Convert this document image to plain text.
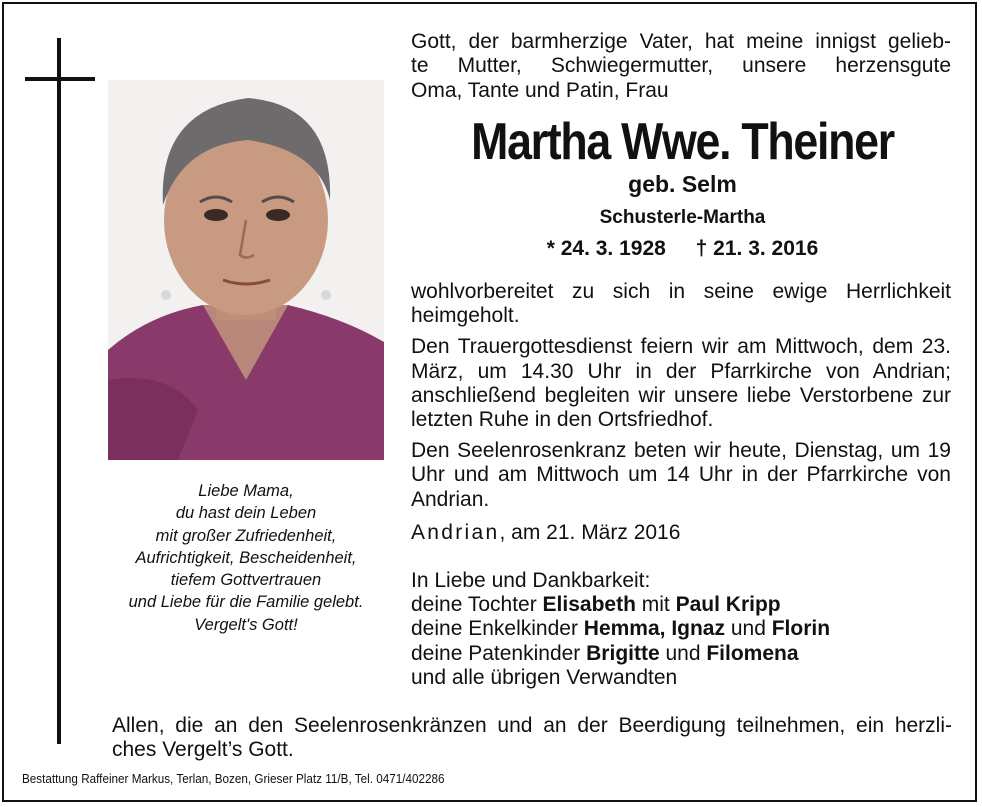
Liebe Mama,
du hast dein Leben
mit großer Zufriedenheit,
Aufrichtigkeit, Bescheidenheit,
tiefem Gottvertrauen
und Liebe für die Familie gelebt.
Vergelt's Gott!
Gott, der barmherzige Vater, hat meine innigst gelieb-
te Mutter, Schwiegermutter, unsere herzensgute
Oma, Tante und Patin, Frau
Martha Wwe. Theiner
geb. Selm
Schusterle-Martha
* 24. 3. 1928 † 21. 3. 2016

wohlvorbereitet zu sich in seine ewige Herrlichkeit heimgeholt.

Den Trauergottesdienst feiern wir am Mittwoch, dem 23. März, um 14.30 Uhr in der Pfarrkirche von Andrian; anschließend begleiten wir unsere liebe Verstorbene zur letzten Ruhe in den Ortsfriedhof.

Den Seelenrosenkranz beten wir heute, Dienstag, um 19 Uhr und am Mittwoch um 14 Uhr in der Pfarrkirche von Andrian.

Andrian, am 21. März 2016
In Liebe und Dankbarkeit:
deine Tochter Elisabeth mit Paul Kripp
deine Enkelkinder Hemma, Ignaz und Florin
deine Patenkinder Brigitte und Filomena
und alle übrigen Verwandten
Allen, die an den Seelenrosenkränzen und an der Beerdigung teilnehmen, ein herzli-
ches Vergelt’s Gott.
Bestattung Raffeiner Markus, Terlan, Bozen, Grieser Platz 11/B, Tel. 0471/402286
